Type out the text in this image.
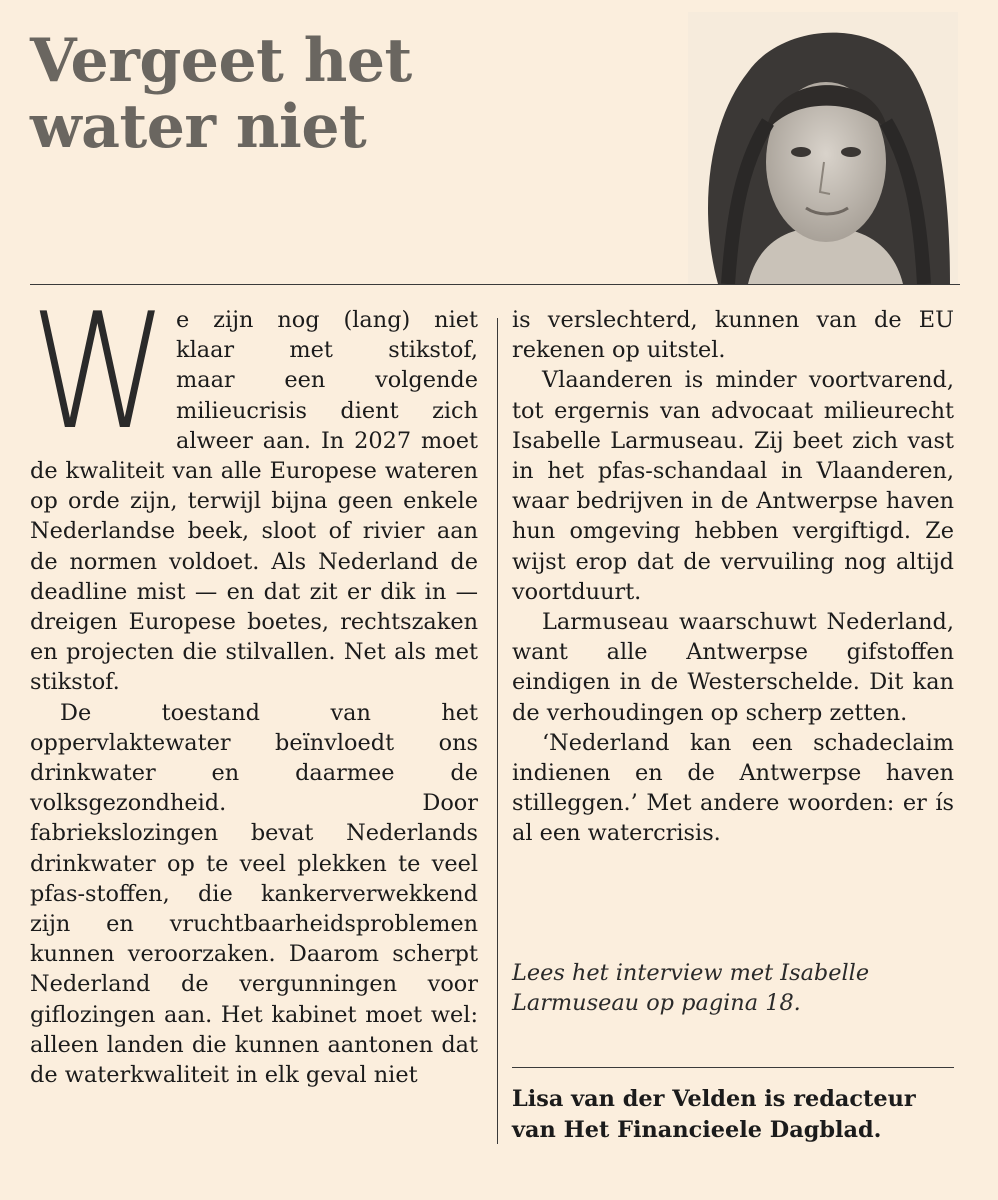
Vergeet het
water niet
W e zijn nog (lang) niet
klaar met stikstof,
maar een volgende
milieucrisis dient zich
alweer aan. In 2027 moet de kwaliteit van alle Europese wateren op orde zijn, terwijl bijna geen enkele Nederlandse beek, sloot of rivier aan de normen voldoet. Als Nederland de deadline mist — en dat zit er dik in — dreigen Europese boetes, rechtszaken en projecten die stilvallen. Net als met stikstof.

De toestand van het oppervlaktewater beïnvloedt ons drinkwater en daarmee de volksgezondheid. Door fabriekslozingen bevat Nederlands drinkwater op te veel plekken te veel pfas-stoffen, die kankerverwekkend zijn en vruchtbaarheidsproblemen kunnen veroorzaken. Daarom scherpt Nederland de vergunningen voor giflozingen aan. Het kabinet moet wel: alleen landen die kunnen aantonen dat de waterkwaliteit in elk geval niet

is verslechterd, kunnen van de EU rekenen op uitstel.

Vlaanderen is minder voortvarend, tot ergernis van advocaat milieurecht Isabelle Larmuseau. Zij beet zich vast in het pfas-schandaal in Vlaanderen, waar bedrijven in de Antwerpse haven hun omgeving hebben vergiftigd. Ze wijst erop dat de vervuiling nog altijd voortduurt.

Larmuseau waarschuwt Nederland, want alle Antwerpse gifstoffen eindigen in de Westerschelde. Dit kan de verhoudingen op scherp zetten.

‘Nederland kan een schadeclaim indienen en de Antwerpse haven stilleggen.’ Met andere woorden: er ís al een watercrisis.

Lees het interview met Isabelle
Larmuseau op pagina 18.

Lisa van der Velden is redacteur
van Het Financieele Dagblad.
